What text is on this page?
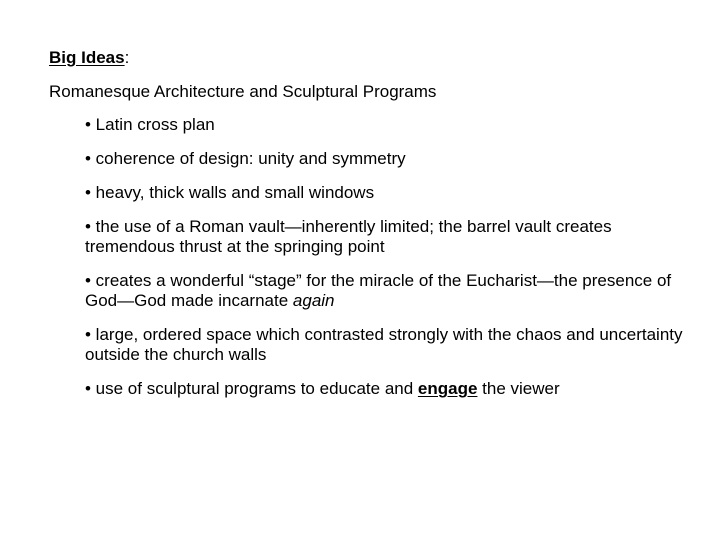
Big Ideas:
Romanesque Architecture and Sculptural Programs
• Latin cross plan
• coherence of design: unity and symmetry
• heavy, thick walls and small windows
• the use of a Roman vault—inherently limited; the barrel vault creates tremendous thrust at the springing point
• creates a wonderful “stage” for the miracle of the Eucharist—the presence of God—God made incarnate again
• large, ordered space which contrasted strongly with the chaos and uncertainty outside the church walls
• use of sculptural programs to educate and engage the viewer
